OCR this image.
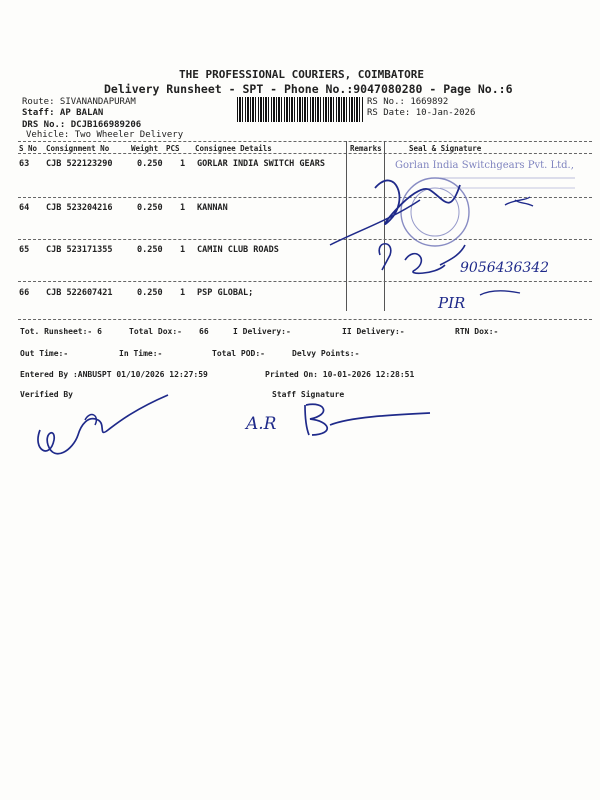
THE PROFESSIONAL COURIERS, COIMBATORE
Delivery Runsheet - SPT - Phone No.:9047080280 - Page No.:6
Route: SIVANANDAPURAM
Staff: AP BALAN
DRS No.: DCJB166989206
Vehicle: Two Wheeler Delivery
RS No.: 1669892
RS Date: 10-Jan-2026
S No Consignment No	Weight PCS Consignee Details	Remarks	Seal & Signature
63 CJB 522123290	0.250 1 GORLAR INDIA SWITCH GEARS
64 CJB 523204216	0.250 1 KANNAN
65 CJB 523171355	0.250 1 CAMIN CLUB ROADS
66 CJB 522607421	0.250 1 PSP GLOBAL;
Tot. Runsheet:- 6	Total Dox:- 66	I Delivery:-	II Delivery:-	RTN Dox:-
Out Time:-	In Time:-	Total POD:-	Delvy Points:-
Entered By :ANBUSPT 01/10/2026 12:27:59	Printed On: 10-01-2026 12:28:51
Verified By	Staff Signature
Gorlan India Switchgears Pvt. Ltd.,
9056436342
PIR
A.R
